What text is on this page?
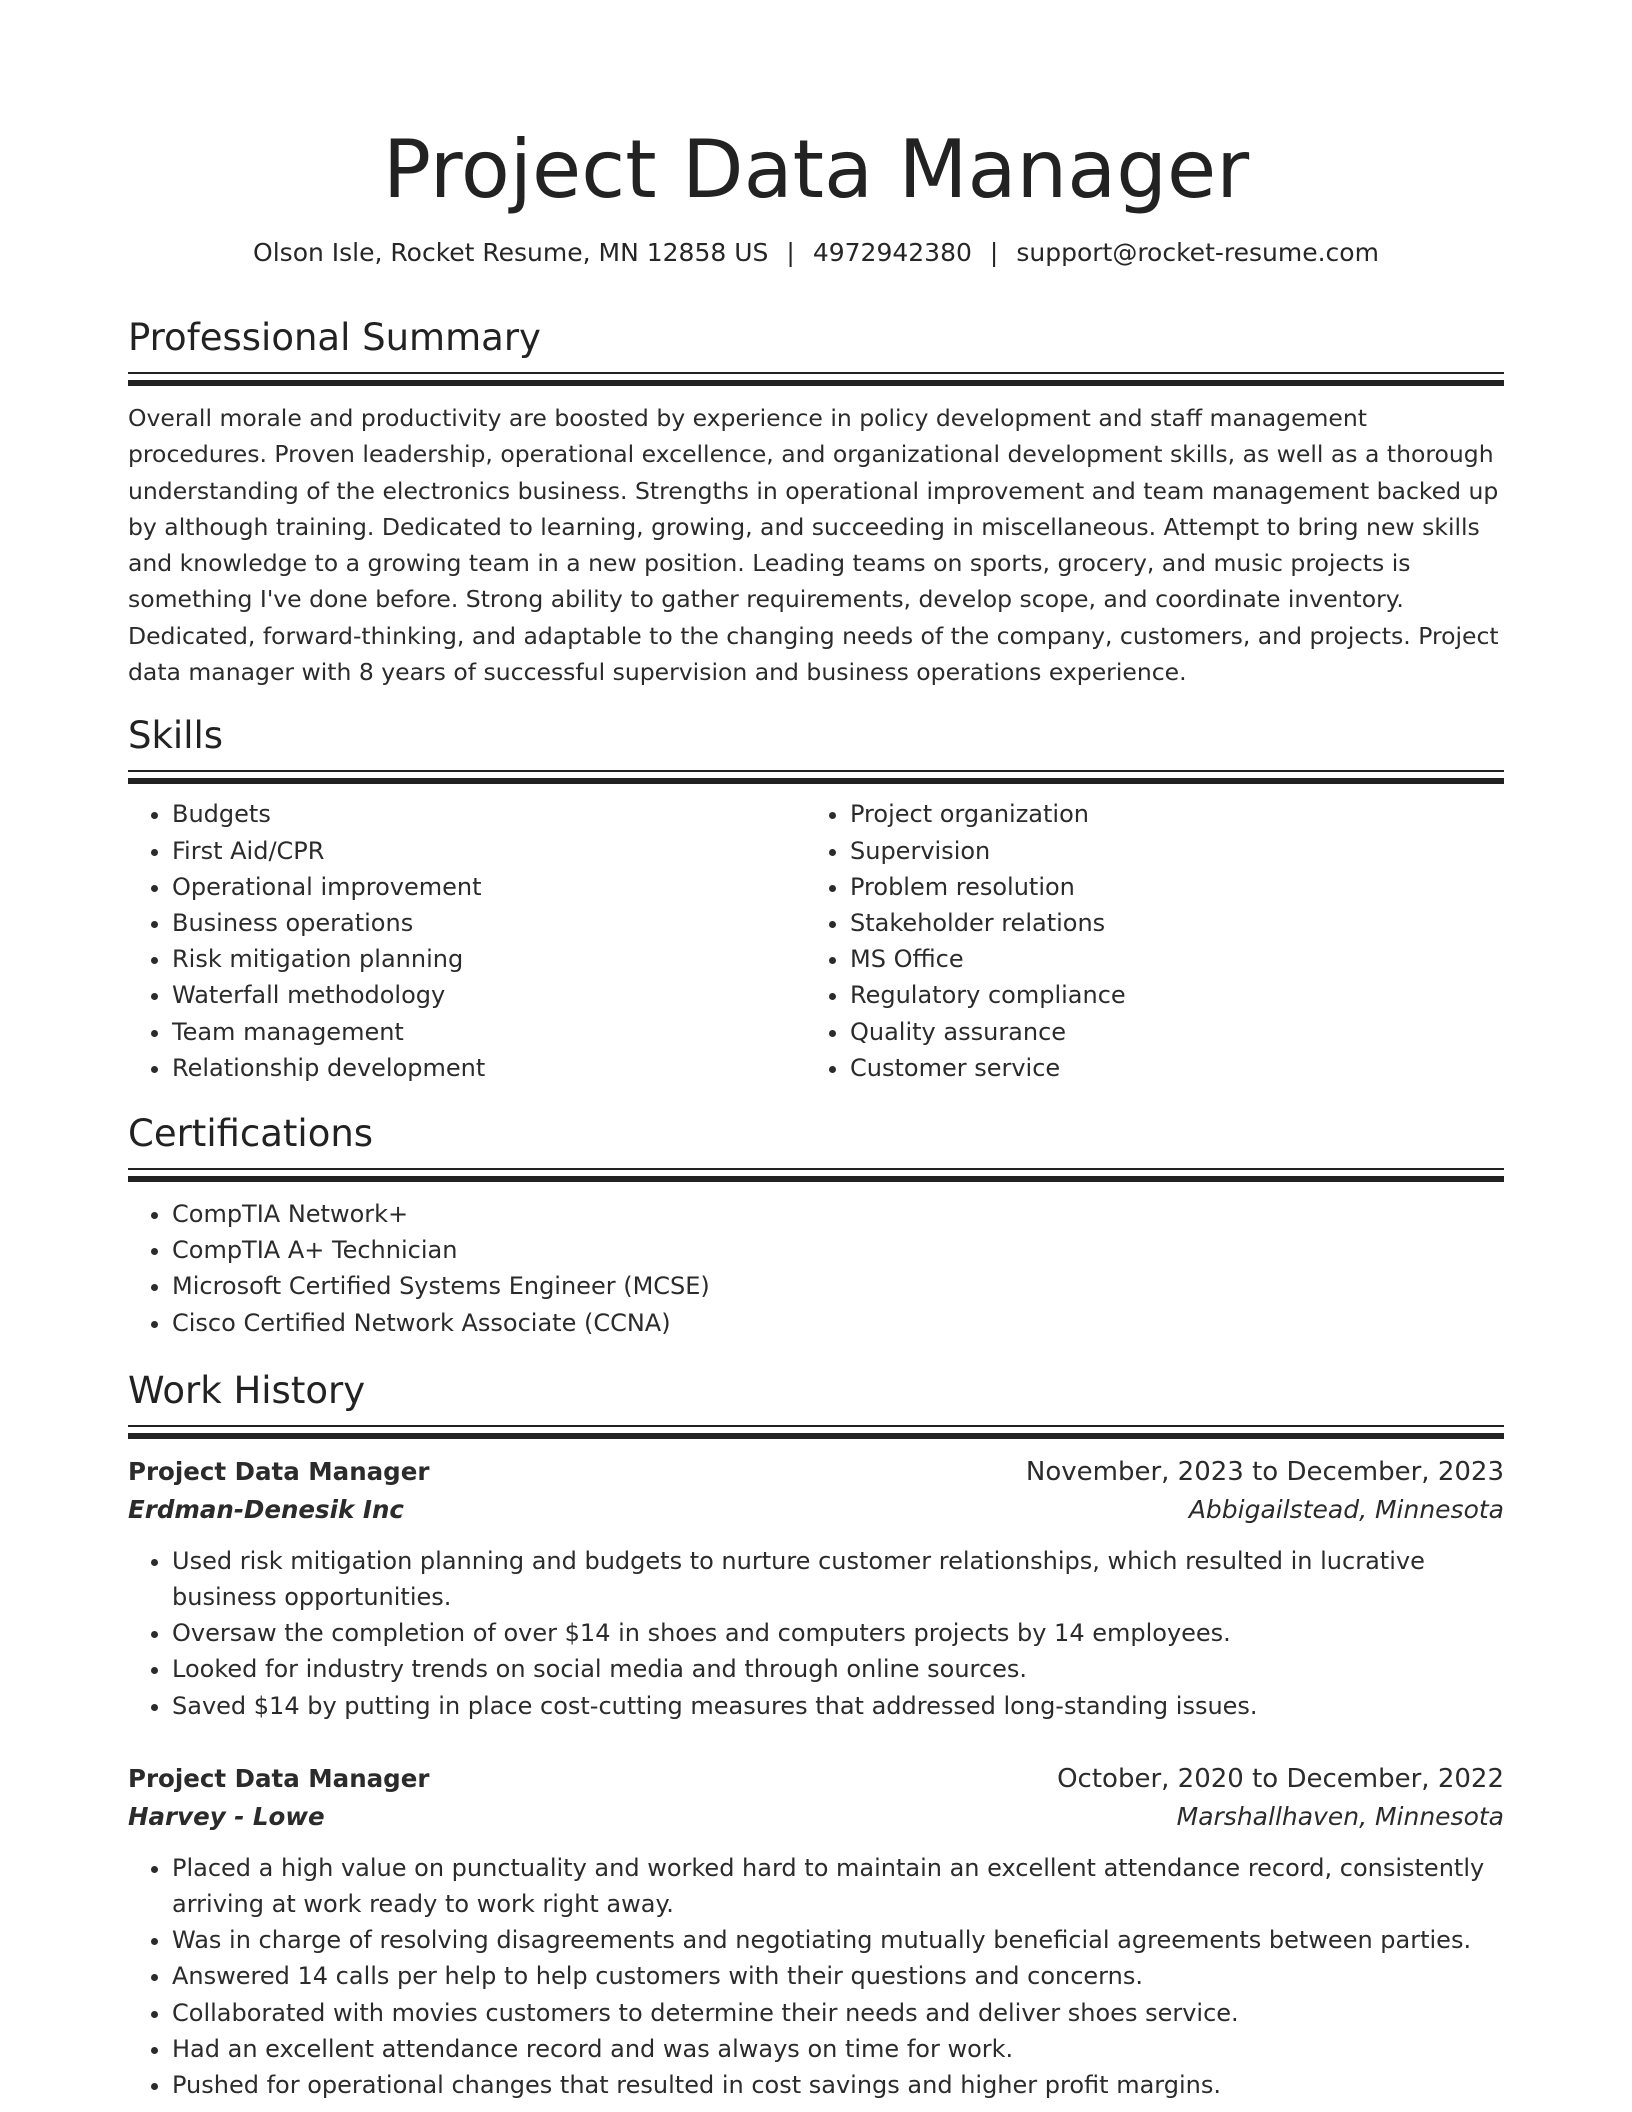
Project Data Manager
Olson Isle, Rocket Resume, MN 12858 US | 4972942380 | support@rocket-resume.com
Professional Summary
Overall morale and productivity are boosted by experience in policy development and staff management procedures. Proven leadership, operational excellence, and organizational development skills, as well as a thorough understanding of the electronics business. Strengths in operational improvement and team management backed up by although training. Dedicated to learning, growing, and succeeding in miscellaneous. Attempt to bring new skills and knowledge to a growing team in a new position. Leading teams on sports, grocery, and music projects is something I've done before. Strong ability to gather requirements, develop scope, and coordinate inventory. Dedicated, forward-thinking, and adaptable to the changing needs of the company, customers, and projects. Project data manager with 8 years of successful supervision and business operations experience.
Skills
• Budgets
• First Aid/CPR
• Operational improvement
• Business operations
• Risk mitigation planning
• Waterfall methodology
• Team management
• Relationship development
• Project organization
• Supervision
• Problem resolution
• Stakeholder relations
• MS Office
• Regulatory compliance
• Quality assurance
• Customer service
Certifications
• CompTIA Network+
• CompTIA A+ Technician
• Microsoft Certified Systems Engineer (MCSE)
• Cisco Certified Network Associate (CCNA)
Work History
Project Data Manager	November, 2023 to December, 2023
Erdman-Denesik Inc	Abbigailstead, Minnesota
• Used risk mitigation planning and budgets to nurture customer relationships, which resulted in lucrative business opportunities.
• Oversaw the completion of over $14 in shoes and computers projects by 14 employees.
• Looked for industry trends on social media and through online sources.
• Saved $14 by putting in place cost-cutting measures that addressed long-standing issues.
Project Data Manager	October, 2020 to December, 2022
Harvey - Lowe	Marshallhaven, Minnesota
• Placed a high value on punctuality and worked hard to maintain an excellent attendance record, consistently arriving at work ready to work right away.
• Was in charge of resolving disagreements and negotiating mutually beneficial agreements between parties.
• Answered 14 calls per help to help customers with their questions and concerns.
• Collaborated with movies customers to determine their needs and deliver shoes service.
• Had an excellent attendance record and was always on time for work.
• Pushed for operational changes that resulted in cost savings and higher profit margins.
